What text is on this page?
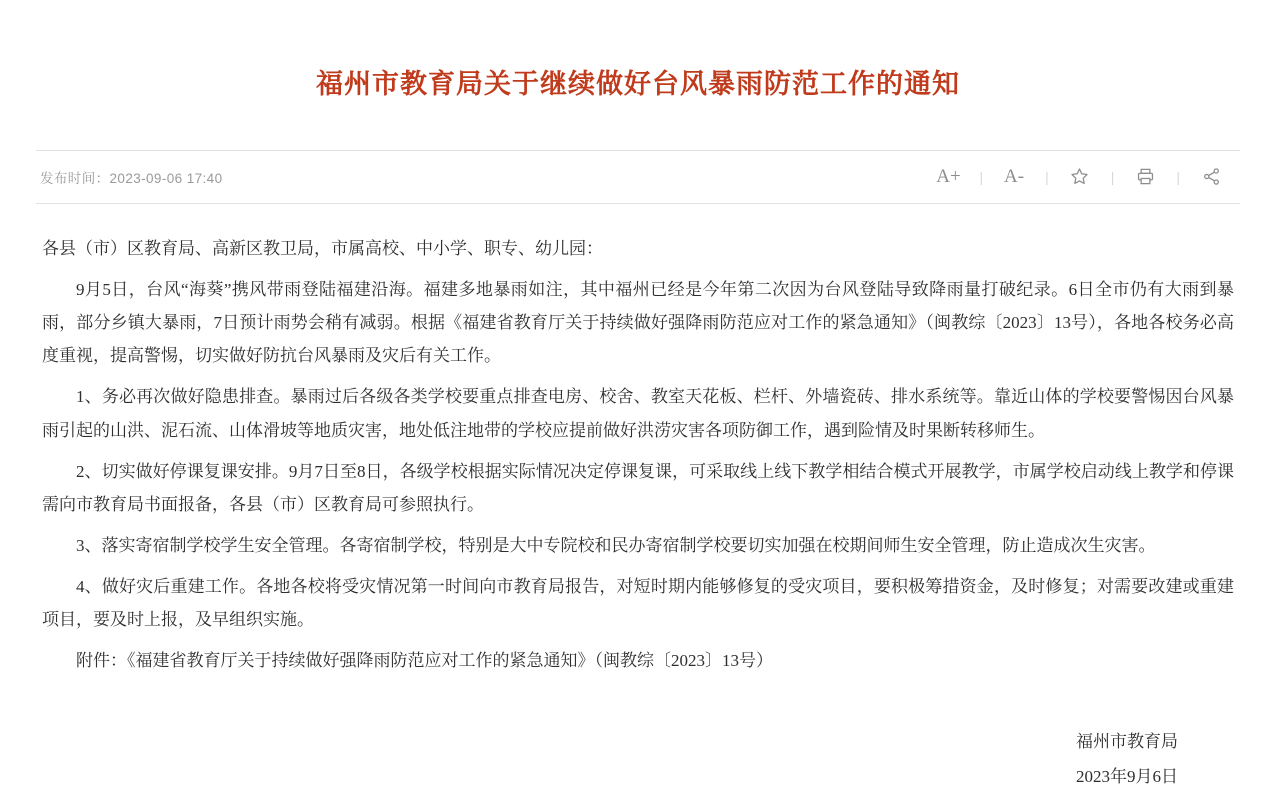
福州市教育局关于继续做好台风暴雨防范工作的通知
发布时间：2023-09-06 17:40	A+	|	A-	|	|	|

各县（市）区教育局、高新区教卫局，市属高校、中小学、职专、幼儿园：

9月5日，台风“海葵”携风带雨登陆福建沿海。福建多地暴雨如注，其中福州已经是今年第二次因为台风登陆导致降雨量打破纪录。6日全市仍有大雨到暴雨，部分乡镇大暴雨，7日预计雨势会稍有减弱。根据《福建省教育厅关于持续做好强降雨防范应对工作的紧急通知》（闽教综〔2023〕13号），各地各校务必高度重视，提高警惕，切实做好防抗台风暴雨及灾后有关工作。

1、务必再次做好隐患排查。暴雨过后各级各类学校要重点排查电房、校舍、教室天花板、栏杆、外墙瓷砖、排水系统等。靠近山体的学校要警惕因台风暴雨引起的山洪、泥石流、山体滑坡等地质灾害，地处低注地带的学校应提前做好洪涝灾害各项防御工作，遇到险情及时果断转移师生。

2、切实做好停课复课安排。9月7日至8日，各级学校根据实际情况决定停课复课，可采取线上线下教学相结合模式开展教学，市属学校启动线上教学和停课需向市教育局书面报备，各县（市）区教育局可参照执行。

3、落实寄宿制学校学生安全管理。各寄宿制学校，特别是大中专院校和民办寄宿制学校要切实加强在校期间师生安全管理，防止造成次生灾害。

4、做好灾后重建工作。各地各校将受灾情况第一时间向市教育局报告，对短时期内能够修复的受灾项目，要积极筹措资金，及时修复；对需要改建或重建项目，要及时上报，及早组织实施。

附件：《福建省教育厅关于持续做好强降雨防范应对工作的紧急通知》（闽教综〔2023〕13号）

福州市教育局
2023年9月6日
